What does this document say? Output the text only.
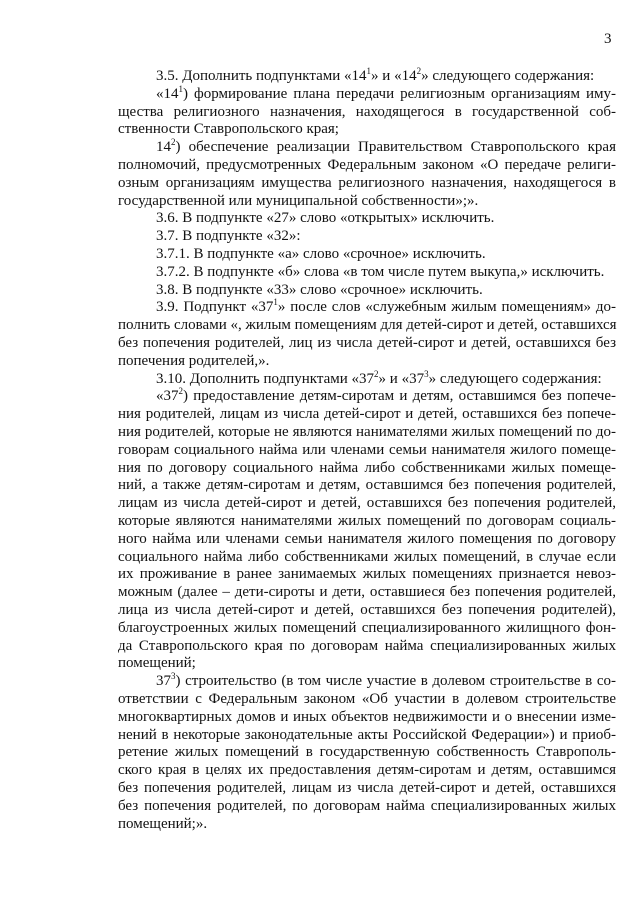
3
3.5. Дополнить подпунктами «$14^1$» и «$14^2$» следующего содержания:
«$14^1$) формирование плана передачи религиозным организациям иму-
щества религиозного назначения, находящегося в государственной соб-
ственности Ставропольского края;
$14^2$) обеспечение реализации Правительством Ставропольского края
полномочий, предусмотренных Федеральным законом «О передаче религи-
озным организациям имущества религиозного назначения, находящегося в
государственной или муниципальной собственности»;».
3.6. В подпункте «27» слово «открытых» исключить.
3.7. В подпункте «32»:
3.7.1. В подпункте «а» слово «срочное» исключить.
3.7.2. В подпункте «б» слова «в том числе путем выкупа,» исключить.
3.8. В подпункте «33» слово «срочное» исключить.
3.9. Подпункт «$37^1$» после слов «служебным жилым помещениям» до-
полнить словами «, жилым помещениям для детей-сирот и детей, оставшихся
без попечения родителей, лиц из числа детей-сирот и детей, оставшихся без
попечения родителей,».
3.10. Дополнить подпунктами «$37^2$» и «$37^3$» следующего содержания:
«$37^2$) предоставление детям-сиротам и детям, оставшимся без попече-
ния родителей, лицам из числа детей-сирот и детей, оставшихся без попече-
ния родителей, которые не являются нанимателями жилых помещений по до-
говорам социального найма или членами семьи нанимателя жилого помеще-
ния по договору социального найма либо собственниками жилых помеще-
ний, а также детям-сиротам и детям, оставшимся без попечения родителей,
лицам из числа детей-сирот и детей, оставшихся без попечения родителей,
которые являются нанимателями жилых помещений по договорам социаль-
ного найма или членами семьи нанимателя жилого помещения по договору
социального найма либо собственниками жилых помещений, в случае если
их проживание в ранее занимаемых жилых помещениях признается невоз-
можным (далее – дети-сироты и дети, оставшиеся без попечения родителей,
лица из числа детей-сирот и детей, оставшихся без попечения родителей),
благоустроенных жилых помещений специализированного жилищного фон-
да Ставропольского края по договорам найма специализированных жилых
помещений;
$37^3$) строительство (в том числе участие в долевом строительстве в со-
ответствии с Федеральным законом «Об участии в долевом строительстве
многоквартирных домов и иных объектов недвижимости и о внесении изме-
нений в некоторые законодательные акты Российской Федерации») и приоб-
ретение жилых помещений в государственную собственность Ставрополь-
ского края в целях их предоставления детям-сиротам и детям, оставшимся
без попечения родителей, лицам из числа детей-сирот и детей, оставшихся
без попечения родителей, по договорам найма специализированных жилых
помещений;».
